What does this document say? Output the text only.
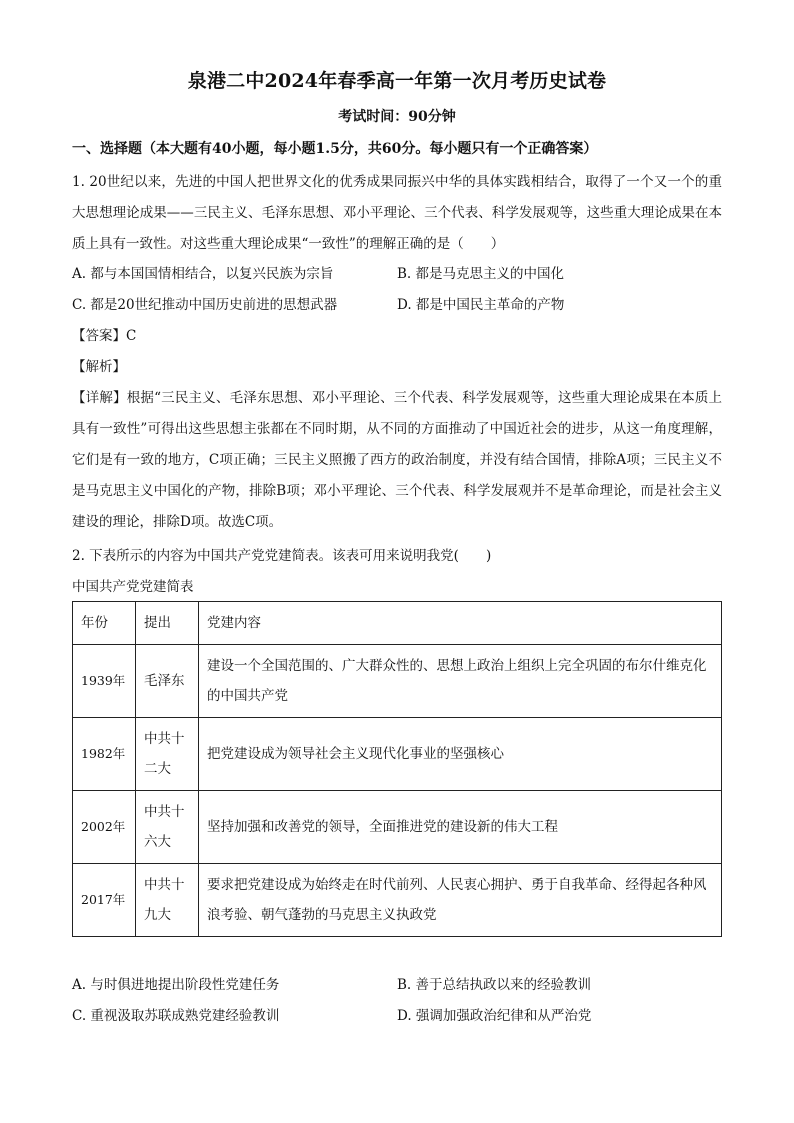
泉港二中2024年春季高一年第一次月考历史试卷
考试时间：90分钟
一、选择题（本大题有40小题，每小题1.5分，共60分。每小题只有一个正确答案）

1. 20世纪以来，先进的中国人把世界文化的优秀成果同振兴中华的具体实践相结合，取得了一个又一个的重大思想理论成果——三民主义、毛泽东思想、邓小平理论、三个代表、科学发展观等，这些重大理论成果在本质上具有一致性。对这些重大理论成果“一致性”的理解正确的是（　　）

A. 都与本国国情相结合，以复兴民族为宗旨	B. 都是马克思主义的中国化
C. 都是20世纪推动中国历史前进的思想武器	D. 都是中国民主革命的产物
【答案】C
【解析】

【详解】根据“三民主义、毛泽东思想、邓小平理论、三个代表、科学发展观等，这些重大理论成果在本质上具有一致性”可得出这些思想主张都在不同时期，从不同的方面推动了中国近社会的进步，从这一角度理解，它们是有一致的地方，C项正确；三民主义照搬了西方的政治制度，并没有结合国情，排除A项；三民主义不是马克思主义中国化的产物，排除B项；邓小平理论、三个代表、科学发展观并不是革命理论，而是社会主义建设的理论，排除D项。故选C项。

2. 下表所示的内容为中国共产党党建简表。该表可用来说明我党(　　)
中国共产党党建简表
年份	提出	党建内容
1939年	毛泽东	建设一个全国范围的、广大群众性的、思想上政治上组织上完全巩固的布尔什维克化的中国共产党
1982年	中共十二大	把党建设成为领导社会主义现代化事业的坚强核心
2002年	中共十六大	坚持加强和改善党的领导，全面推进党的建设新的伟大工程
2017年	中共十九大	要求把党建设成为始终走在时代前列、人民衷心拥护、勇于自我革命、经得起各种风浪考验、朝气蓬勃的马克思主义执政党
A. 与时俱进地提出阶段性党建任务	B. 善于总结执政以来的经验教训
C. 重视汲取苏联成熟党建经验教训	D. 强调加强政治纪律和从严治党
